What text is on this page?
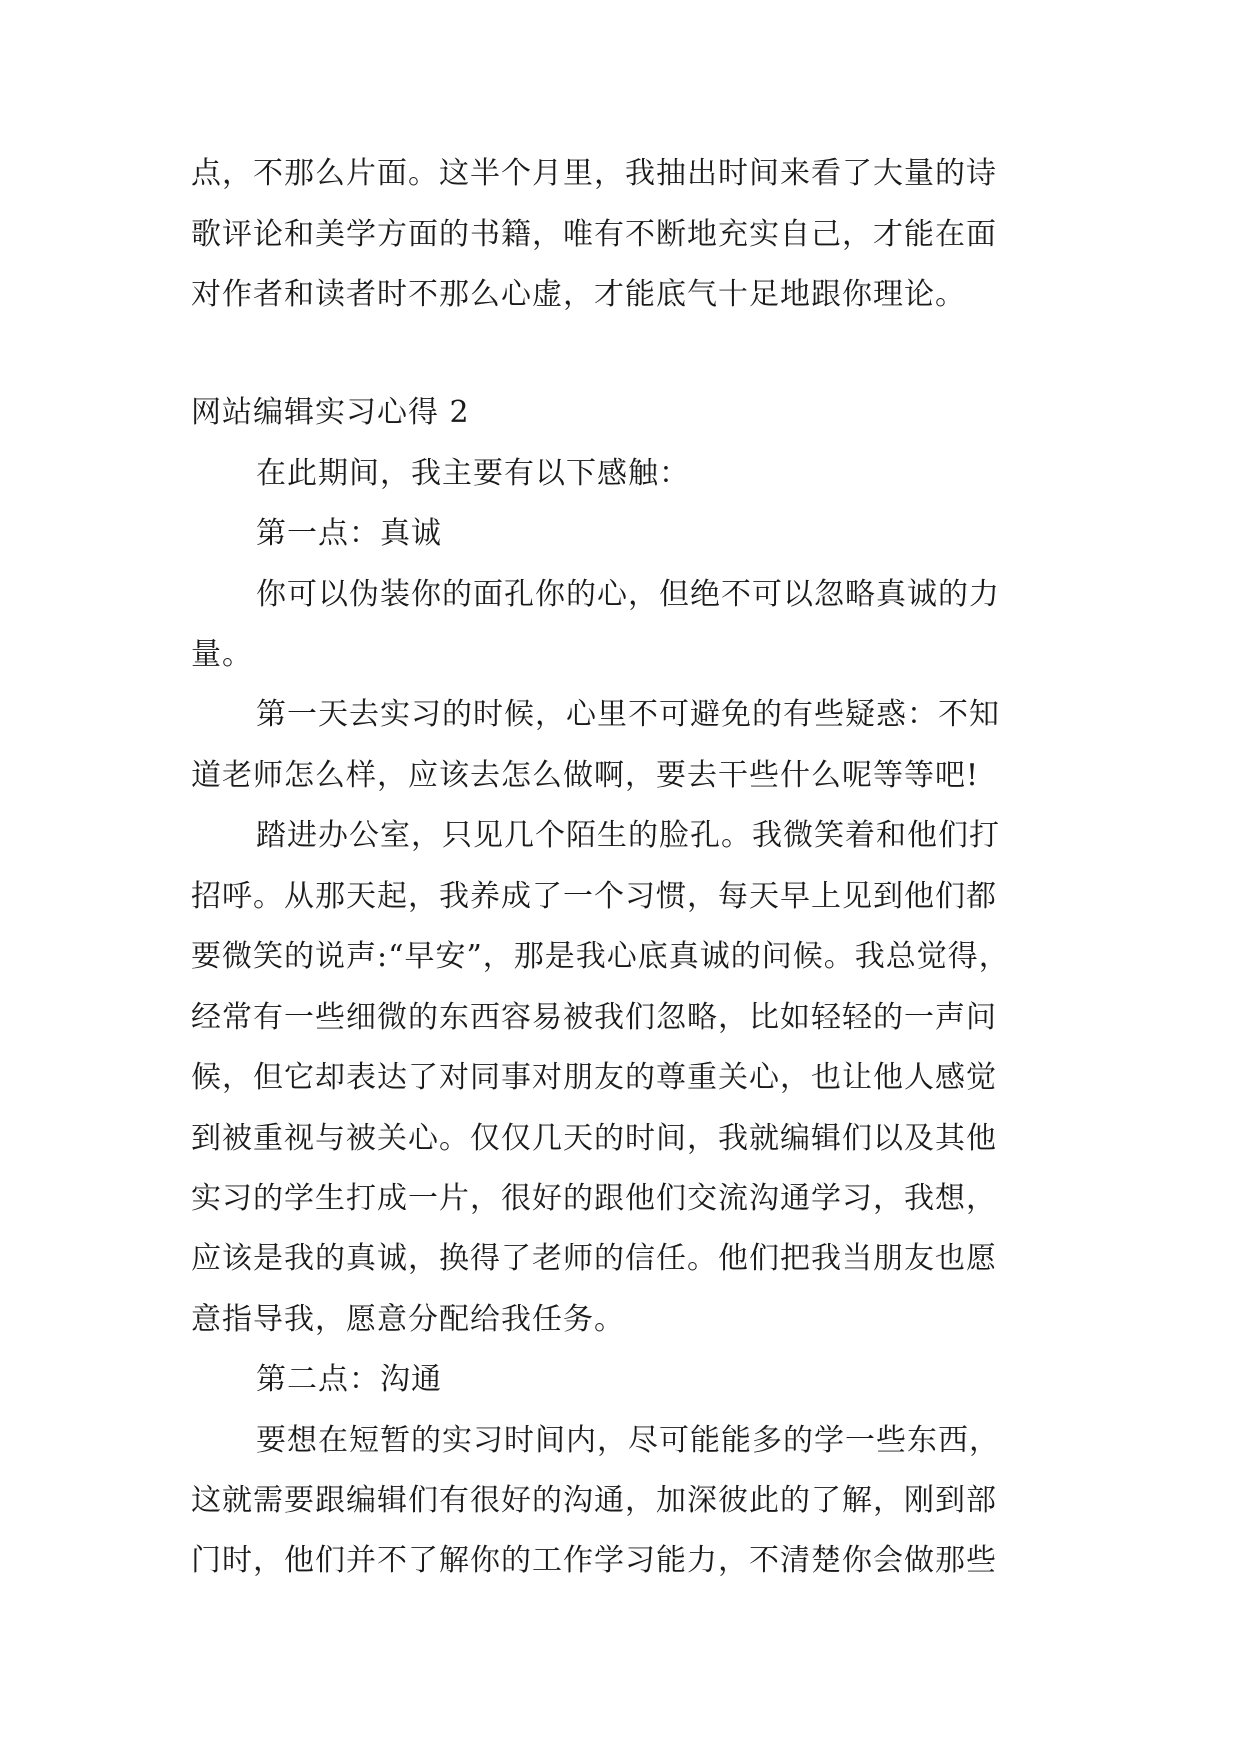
点，不那么片面。这半个月里，我抽出时间来看了大量的诗
歌评论和美学方面的书籍，唯有不断地充实自己，才能在面
对作者和读者时不那么心虚，才能底气十足地跟你理论。
网站编辑实习心得 2
在此期间，我主要有以下感触：
第一点：真诚
你可以伪装你的面孔你的心，但绝不可以忽略真诚的力
量。
第一天去实习的时候，心里不可避免的有些疑惑：不知
道老师怎么样，应该去怎么做啊，要去干些什么呢等等吧!
踏进办公室，只见几个陌生的脸孔。我微笑着和他们打
招呼。从那天起，我养成了一个习惯，每天早上见到他们都
要微笑的说声:“早安”，那是我心底真诚的问候。我总觉得，
经常有一些细微的东西容易被我们忽略，比如轻轻的一声问
候，但它却表达了对同事对朋友的尊重关心，也让他人感觉
到被重视与被关心。仅仅几天的时间，我就编辑们以及其他
实习的学生打成一片，很好的跟他们交流沟通学习，我想，
应该是我的真诚，换得了老师的信任。他们把我当朋友也愿
意指导我，愿意分配给我任务。
第二点：沟通
要想在短暂的实习时间内，尽可能能多的学一些东西，
这就需要跟编辑们有很好的沟通，加深彼此的了解，刚到部
门时，他们并不了解你的工作学习能力，不清楚你会做那些
